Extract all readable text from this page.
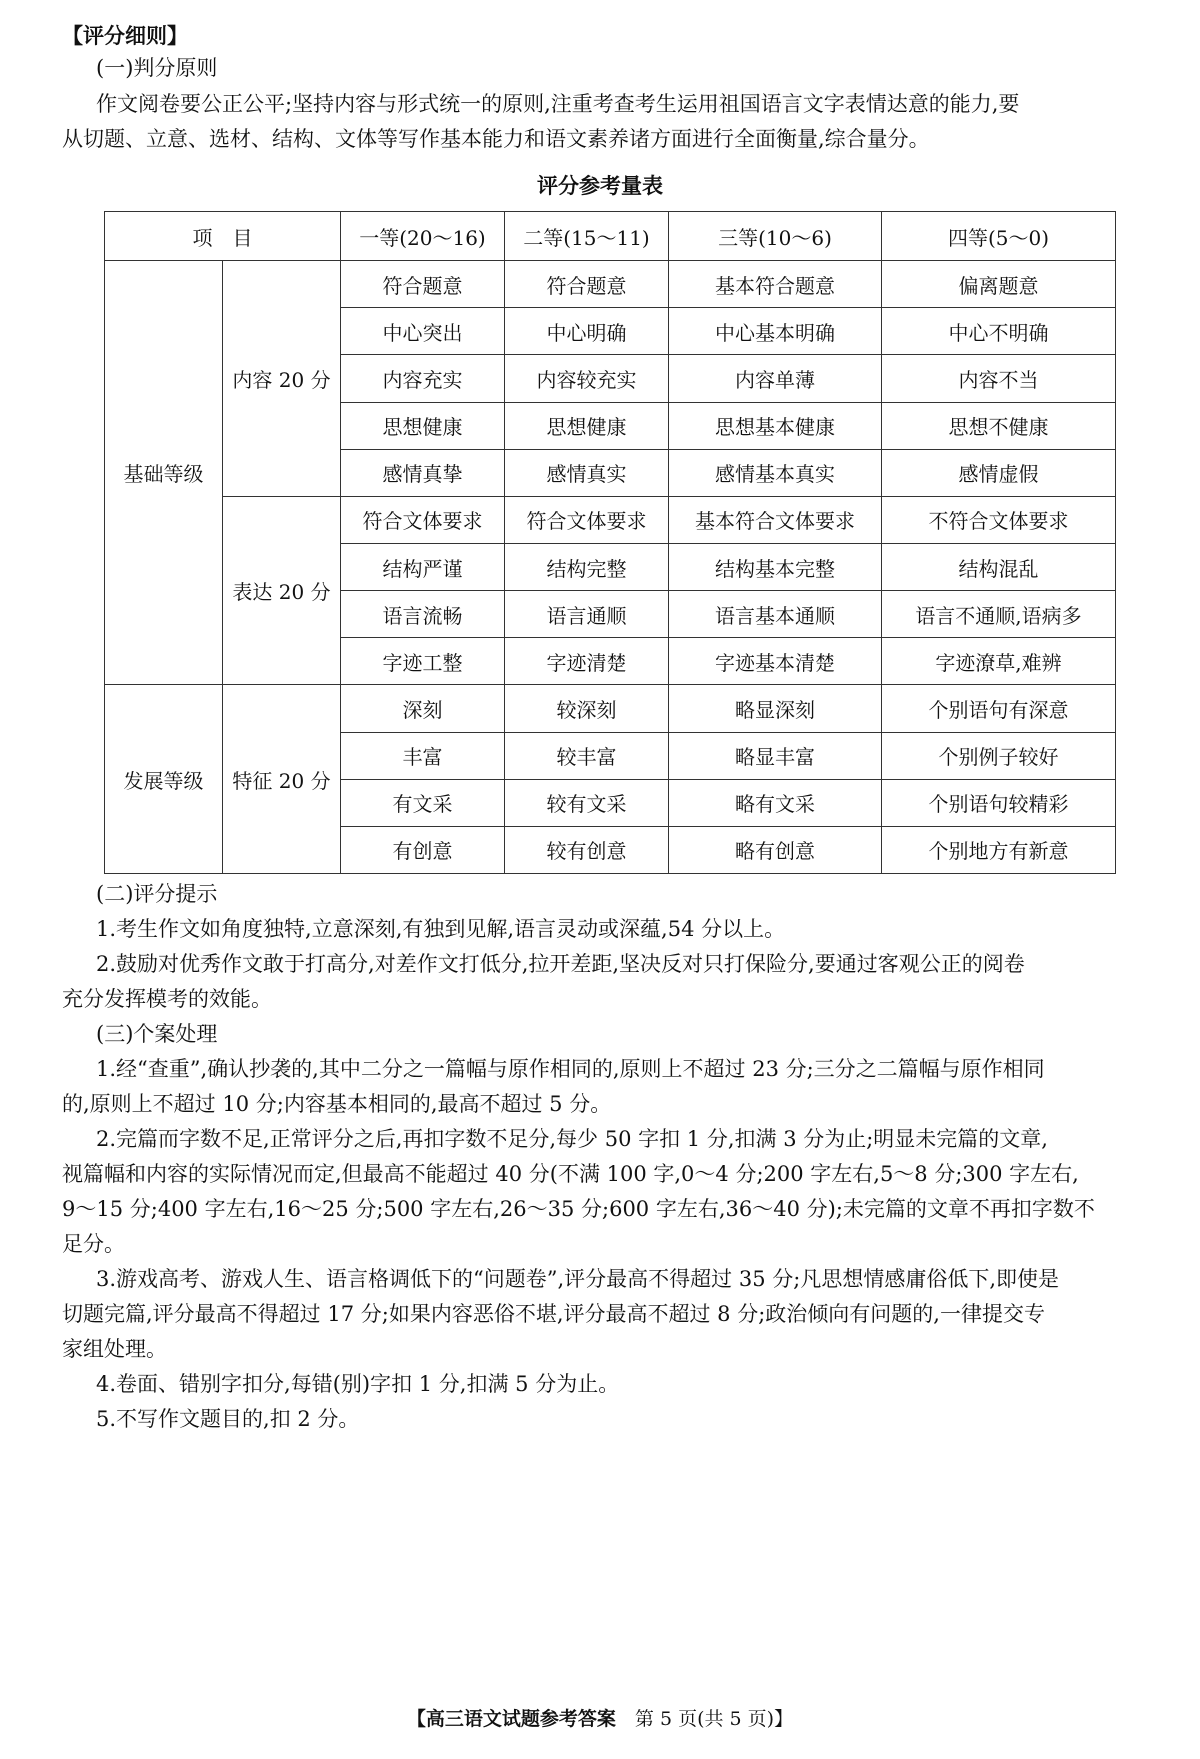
【评分细则】
(一)判分原则
作文阅卷要公正公平;坚持内容与形式统一的原则,注重考查考生运用祖国语言文字表情达意的能力,要
从切题、立意、选材、结构、文体等写作基本能力和语文素养诸方面进行全面衡量,综合量分。
评分参考量表
项　目		一等(20～16)	二等(15～11)	三等(10～6)	四等(5～0)
基础等级	内容 20 分	符合题意	符合题意	基本符合题意	偏离题意
		中心突出	中心明确	中心基本明确	中心不明确
		内容充实	内容较充实	内容单薄	内容不当
		思想健康	思想健康	思想基本健康	思想不健康
		感情真挚	感情真实	感情基本真实	感情虚假
	表达 20 分	符合文体要求	符合文体要求	基本符合文体要求	不符合文体要求
		结构严谨	结构完整	结构基本完整	结构混乱
		语言流畅	语言通顺	语言基本通顺	语言不通顺,语病多
		字迹工整	字迹清楚	字迹基本清楚	字迹潦草,难辨
发展等级	特征 20 分	深刻	较深刻	略显深刻	个别语句有深意
		丰富	较丰富	略显丰富	个别例子较好
		有文采	较有文采	略有文采	个别语句较精彩
		有创意	较有创意	略有创意	个别地方有新意
(二)评分提示
1.考生作文如角度独特,立意深刻,有独到见解,语言灵动或深蕴,54 分以上。
2.鼓励对优秀作文敢于打高分,对差作文打低分,拉开差距,坚决反对只打保险分,要通过客观公正的阅卷
充分发挥模考的效能。
(三)个案处理
1.经“查重”,确认抄袭的,其中二分之一篇幅与原作相同的,原则上不超过 23 分;三分之二篇幅与原作相同
的,原则上不超过 10 分;内容基本相同的,最高不超过 5 分。
2.完篇而字数不足,正常评分之后,再扣字数不足分,每少 50 字扣 1 分,扣满 3 分为止;明显未完篇的文章,
视篇幅和内容的实际情况而定,但最高不能超过 40 分(不满 100 字,0～4 分;200 字左右,5～8 分;300 字左右,
9～15 分;400 字左右,16～25 分;500 字左右,26～35 分;600 字左右,36～40 分);未完篇的文章不再扣字数不
足分。
3.游戏高考、游戏人生、语言格调低下的“问题卷”,评分最高不得超过 35 分;凡思想情感庸俗低下,即使是
切题完篇,评分最高不得超过 17 分;如果内容恶俗不堪,评分最高不超过 8 分;政治倾向有问题的,一律提交专
家组处理。
4.卷面、错别字扣分,每错(别)字扣 1 分,扣满 5 分为止。
5.不写作文题目的,扣 2 分。
【高三语文试题参考答案　 第 5 页(共 5 页)】
